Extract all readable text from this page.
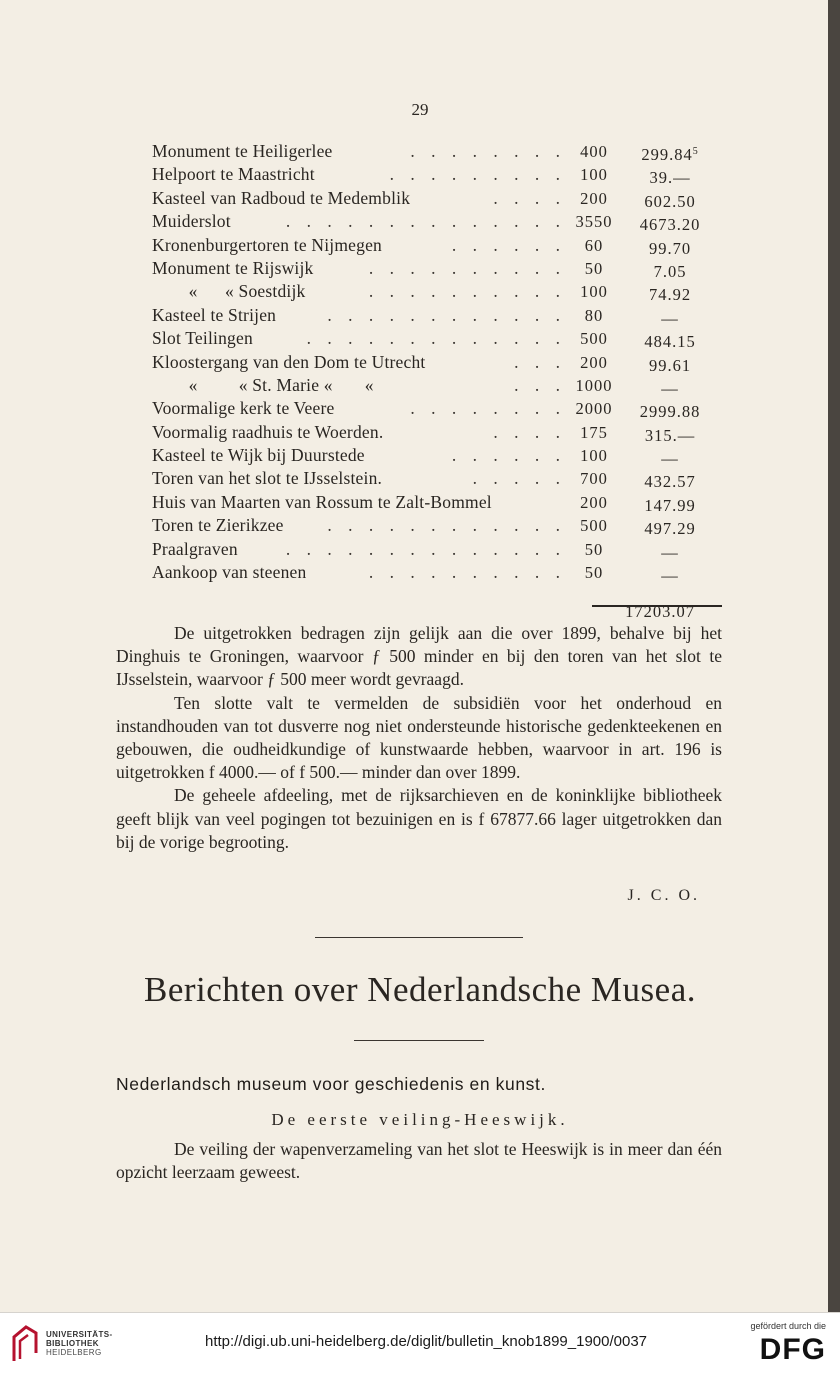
29
Monument te Heiligerlee	. . . . . . . . 400	299.84$^5$
Helpoort te Maastricht	. . . . . . . . . 100	39.—
Kasteel van Radboud te Medemblik	. . . . 200	602.50
Muiderslot	. . . . . . . . . . . . . . 3550	4673.20
Kronenburgertoren te Nijmegen	. . . . . .	60	99.70
Monument te Rijswijk	. . . . . . . . . .	50	7.05
«      « Soestdijk	. . . . . . . . . . 100	74.92
Kasteel te Strijen	. . . . . . . . . . . .	80	—
Slot Teilingen	. . . . . . . . . . . . . 500	484.15
Kloostergang van den Dom te Utrecht	. . . 200	99.61
«         « St. Marie «       «	. . . 1000	—
Voormalige kerk te Veere	. . . . . . . . 2000	2999.88
Voormalig raadhuis te Woerden.	. . . . 175	315.—
Kasteel te Wijk bij Duurstede	. . . . . . 100	—
Toren van het slot te IJsselstein.	. . . . . 700	432.57
Huis van Maarten van Rossum te Zalt-Bommel	200	147.99
Toren te Zierikzee	. . . . . . . . . . . . 500	497.29
Praalgraven	. . . . . . . . . . . . . .	50	—
Aankoop van steenen	. . . . . . . . . .	50	—
17203.07

De uitgetrokken bedragen zijn gelijk aan die over 1899, behalve bij het Dinghuis te Groningen, waarvoor ƒ 500 minder en bij den toren van het slot te IJsselstein, waarvoor ƒ 500 meer wordt gevraagd.

Ten slotte valt te vermelden de subsidiën voor het onderhoud en instandhouden van tot dusverre nog niet ondersteunde historische gedenkteekenen en gebouwen, die oudheidkundige of kunstwaarde hebben, waarvoor in art. 196 is uitgetrokken f 4000.— of f 500.— minder dan over 1899.

De geheele afdeeling, met de rijksarchieven en de koninklijke bibliotheek geeft blijk van veel pogingen tot bezuinigen en is f 67877.66 lager uitgetrokken dan bij de vorige begrooting.

J. C. O.
Berichten over Nederlandsche Musea.
Nederlandsch museum voor geschiedenis en kunst.
De eerste veiling-Heeswijk.

De veiling der wapenverzameling van het slot te Heeswijk is in meer dan één opzicht leerzaam geweest.

UNIVERSITÄTS-
BIBLIOTHEK
HEIDELBERG
http://digi.ub.uni-heidelberg.de/diglit/bulletin_knob1899_1900/0037
gefördert durch die
DFG
